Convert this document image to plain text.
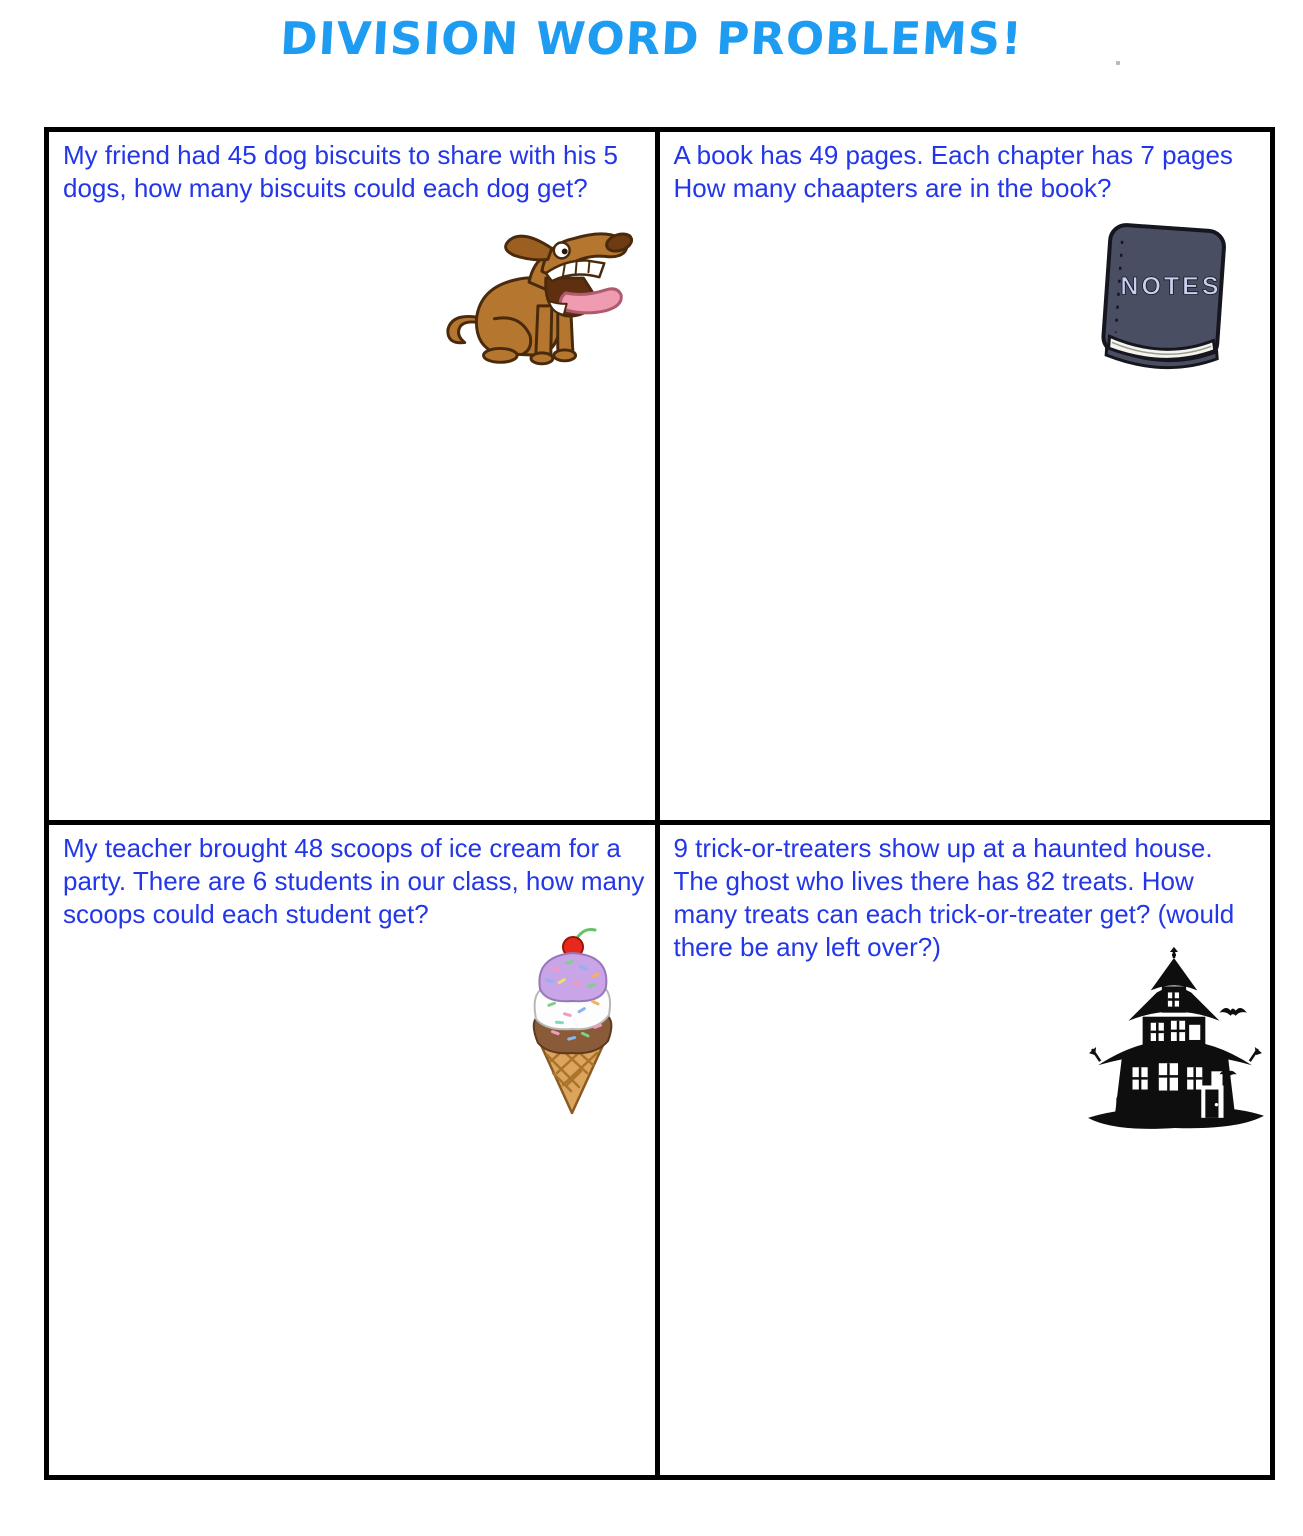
DIVISION WORD PROBLEMS!

My friend had 45 dog biscuits to share with his 5 dogs, how many biscuits could each dog get?

A book has 49 pages. Each chapter has 7 pages How many chaapters are in the book?

NOTES

My teacher brought 48 scoops of ice cream for a party. There are 6 students in our class, how many scoops could each student get?

9 trick-or-treaters show up at a haunted house. The ghost who lives there has 82 treats. How many treats can each trick-or-treater get? (would there be any left over?)
